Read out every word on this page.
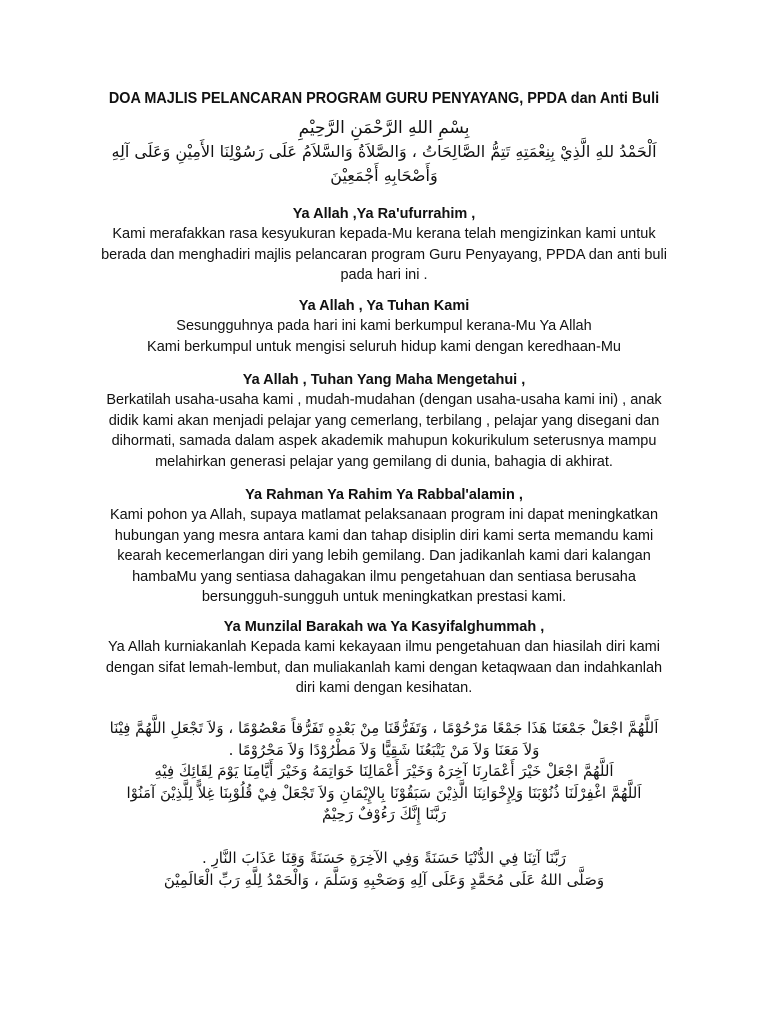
DOA MAJLIS PELANCARAN PROGRAM GURU PENYAYANG, PPDA dan Anti Buli
بِسْمِ اللهِ الرَّحْمَنِ الرَّحِيْمِ
اَلْحَمْدُ للهِ الَّذِيْ بِنِعْمَتِهِ تَتِمُّ الصَّالِحَاتُ ، وَالصَّلاَةُ وَالسَّلاَمُ عَلَى رَسُوْلِنَا الأَمِيْنِ وَعَلَى آلِهِ
وَأَصْحَابِهِ أَجْمَعِيْنَ

Ya Allah ,Ya Ra'ufurrahim ,

Kami merafakkan rasa kesyukuran kepada-Mu kerana telah mengizinkan kami untuk
berada dan menghadiri majlis pelancaran program Guru Penyayang, PPDA dan anti buli
pada hari ini .

Ya Allah , Ya Tuhan Kami

Sesungguhnya pada hari ini kami berkumpul kerana-Mu Ya Allah
Kami berkumpul untuk mengisi seluruh hidup kami dengan keredhaan-Mu

Ya Allah , Tuhan Yang Maha Mengetahui ,

Berkatilah usaha-usaha kami , mudah-mudahan (dengan usaha-usaha kami ini) , anak
didik kami akan menjadi pelajar yang cemerlang, terbilang , pelajar yang disegani dan
dihormati, samada dalam aspek akademik mahupun kokurikulum seterusnya mampu
melahirkan generasi pelajar yang gemilang di dunia, bahagia di akhirat.

Ya Rahman Ya Rahim Ya Rabbal'alamin ,

Kami pohon ya Allah, supaya matlamat pelaksanaan program ini dapat meningkatkan
hubungan yang mesra antara kami dan tahap disiplin diri kami serta memandu kami
kearah kecemerlangan diri yang lebih gemilang. Dan jadikanlah kami dari kalangan
hambaMu yang sentiasa dahagakan ilmu pengetahuan dan sentiasa berusaha
bersungguh-sungguh untuk meningkatkan prestasi kami.

Ya Munzilal Barakah wa Ya Kasyifalghummah ,

Ya Allah kurniakanlah Kepada kami kekayaan ilmu pengetahuan dan hiasilah diri kami
dengan sifat lemah-lembut, dan muliakanlah kami dengan ketaqwaan dan indahkanlah
diri kami dengan kesihatan.

اَللَّهُمَّ اجْعَلْ جَمْعَنَا هَذَا جَمْعًا مَرْحُوْمًا ، وَتَفَرُّقَنَا مِنْ بَعْدِهِ تَفَرُّقاً مَعْصُوْمًا ، وَلاَ تَجْعَلِ اللَّهُمَّ فِيْنَا
وَلاَ مَعَنَا وَلاَ مَنْ يَتْبَعُنَا شَقِيًّا وَلاَ مَطْرُوْدًا وَلاَ مَحْرُوْمًا .
اَللَّهُمَّ اجْعَلْ خَيْرَ أَعْمَارِنَا آخِرَهُ وَخَيْرَ أَعْمَالِنَا خَوَاتِمَهُ وَخَيْرَ أَيَّامِنَا يَوْمَ لِقَائِكَ فِيْهِ
اَللَّهُمَّ اغْفِرْلَنَا ذُنُوْبَنَا وَلِإِخْوَانِنَا الَّذِيْنَ سَبَقُوْنَا بِالإِيْمَانِ وَلاَ تَجْعَلْ فِيْ قُلُوْبِنَا غِلاًّ لِلَّذِيْنَ آمَنُوْا
رَبَّنَا إِنَّكَ رَءُوْفٌ رَحِيْمٌ
رَبَّنَا آتِنَا فِي الدُّنْيَا حَسَنَةً وَفِي الآخِرَةِ حَسَنَةً وَقِنَا عَذَابَ النَّارِ .
وَصَلَّى اللهُ عَلَى مُحَمَّدٍ وَعَلَى آلِهِ وَصَحْبِهِ وَسَلَّمَ ، وَالْحَمْدُ لِلَّهِ رَبِّ الْعَالَمِيْنَ
